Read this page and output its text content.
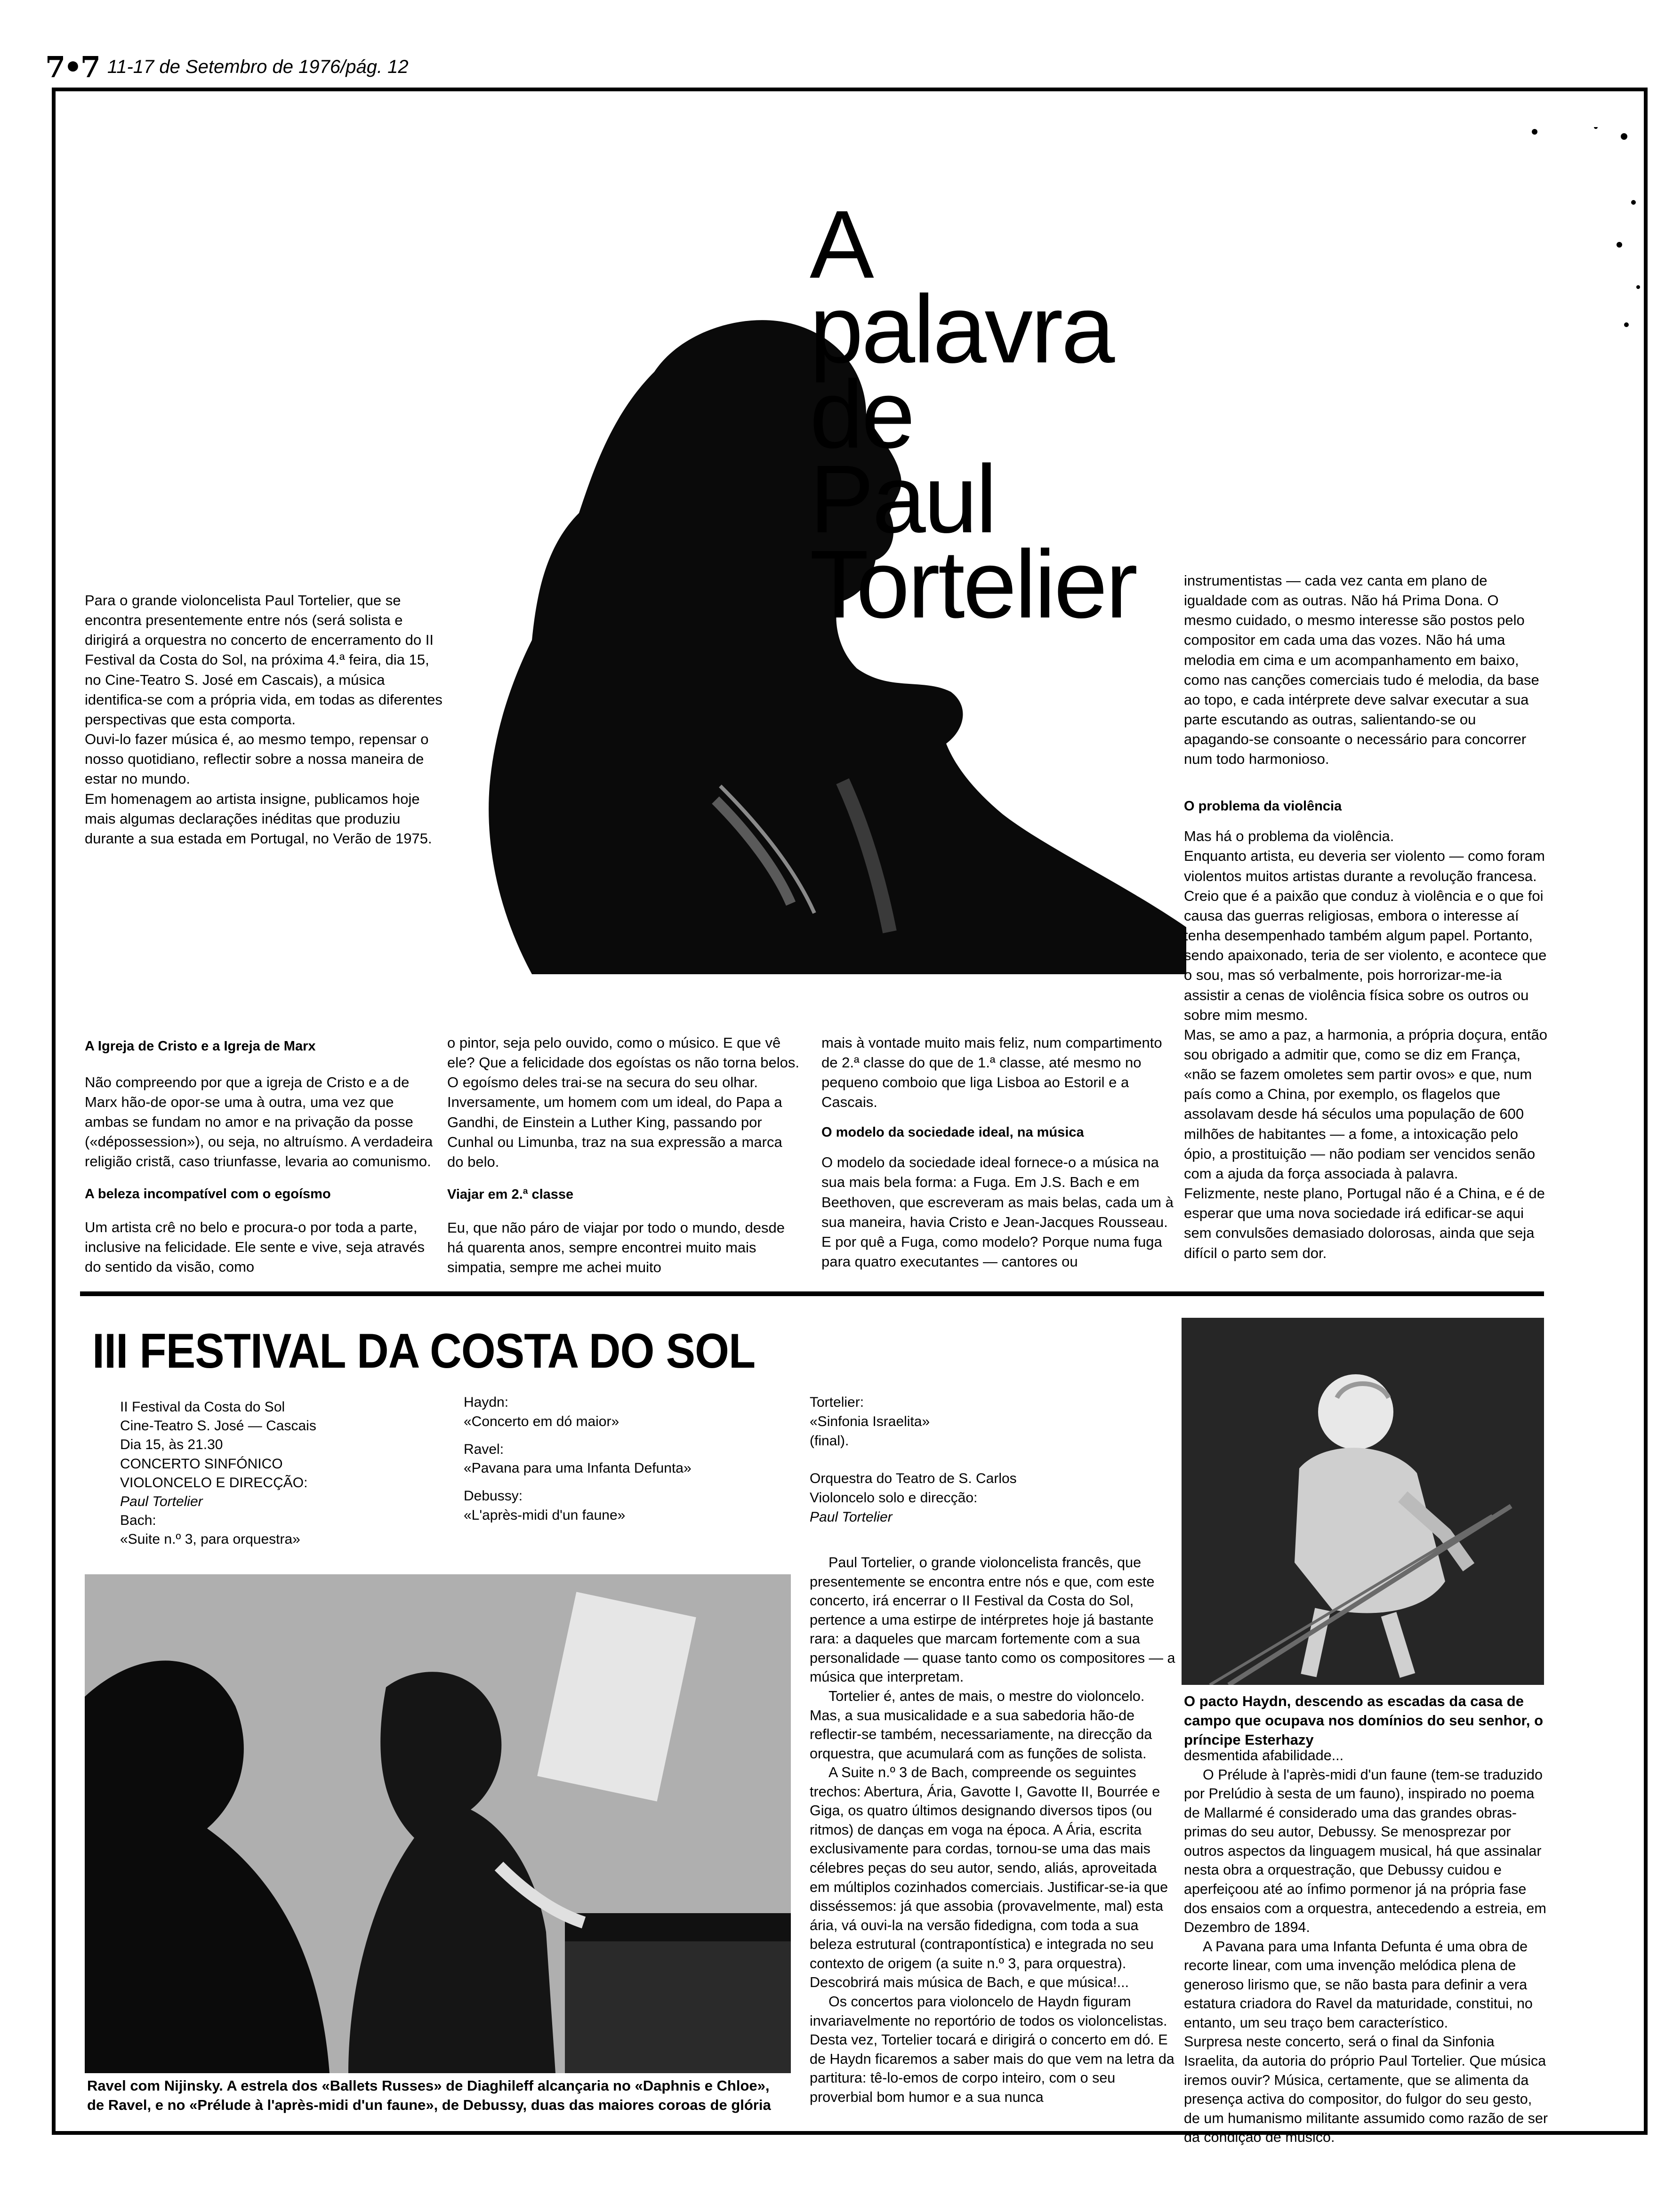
7•7 11-17 de Setembro de 1976/pág. 12
A
palavra
de
Paul
Tortelier

Para o grande violoncelista Paul Tortelier, que se encontra presentemente entre nós (será solista e dirigirá a orquestra no concerto de encerramento do II Festival da Costa do Sol, na próxima 4.ª feira, dia 15, no Cine-Teatro S. José em Cascais), a música identifica-se com a própria vida, em todas as diferentes perspectivas que esta comporta.

Ouvi-lo fazer música é, ao mesmo tempo, repensar o nosso quotidiano, reflectir sobre a nossa maneira de estar no mundo.

Em homenagem ao artista insigne, publicamos hoje mais algumas declarações inéditas que produziu durante a sua estada em Portugal, no Verão de 1975.

instrumentistas — cada vez canta em plano de igualdade com as outras. Não há Prima Dona. O mesmo cuidado, o mesmo interesse são postos pelo compositor em cada uma das vozes. Não há uma melodia em cima e um acompanhamento em baixo, como nas canções comerciais tudo é melodia, da base ao topo, e cada intérprete deve salvar executar a sua parte escutando as outras, salientando-se ou apagando-se consoante o necessário para concorrer num todo harmonioso.

O problema da violência

Mas há o problema da violência.

Enquanto artista, eu deveria ser violento — como foram violentos muitos artistas durante a revolução francesa. Creio que é a paixão que conduz à violência e o que foi causa das guerras religiosas, embora o interesse aí tenha desempenhado também algum papel. Portanto, sendo apaixonado, teria de ser violento, e acontece que o sou, mas só verbalmente, pois horrorizar-me-ia assistir a cenas de violência física sobre os outros ou sobre mim mesmo.

Mas, se amo a paz, a harmonia, a própria doçura, então sou obrigado a admitir que, como se diz em França, «não se fazem omoletes sem partir ovos» e que, num país como a China, por exemplo, os flagelos que assolavam desde há séculos uma população de 600 milhões de habitantes — a fome, a intoxicação pelo ópio, a prostituição — não podiam ser vencidos senão com a ajuda da força associada à palavra.

Felizmente, neste plano, Portugal não é a China, e é de esperar que uma nova sociedade irá edificar-se aqui sem convulsões demasiado dolorosas, ainda que seja difícil o parto sem dor.

A Igreja de Cristo e a Igreja de Marx

Não compreendo por que a igreja de Cristo e a de Marx hão-de opor-se uma à outra, uma vez que ambas se fundam no amor e na privação da posse («dépossession»), ou seja, no altruísmo. A verdadeira religião cristã, caso triunfasse, levaria ao comunismo.

A beleza incompatível com o egoísmo

Um artista crê no belo e procura-o por toda a parte, inclusive na felicidade. Ele sente e vive, seja através do sentido da visão, como

o pintor, seja pelo ouvido, como o músico. E que vê ele? Que a felicidade dos egoístas os não torna belos. O egoísmo deles trai-se na secura do seu olhar. Inversamente, um homem com um ideal, do Papa a Gandhi, de Einstein a Luther King, passando por Cunhal ou Limunba, traz na sua expressão a marca do belo.

Viajar em 2.ª classe

Eu, que não páro de viajar por todo o mundo, desde há quarenta anos, sempre encontrei muito mais simpatia, sempre me achei muito

mais à vontade muito mais feliz, num compartimento de 2.ª classe do que de 1.ª classe, até mesmo no pequeno comboio que liga Lisboa ao Estoril e a Cascais.

O modelo da sociedade ideal, na música

O modelo da sociedade ideal fornece-o a música na sua mais bela forma: a Fuga. Em J.S. Bach e em Beethoven, que escreveram as mais belas, cada um à sua maneira, havia Cristo e Jean-Jacques Rousseau. E por quê a Fuga, como modelo? Porque numa fuga para quatro executantes — cantores ou

III FESTIVAL DA COSTA DO SOL
II Festival da Costa do Sol
Cine-Teatro S. José — Cascais
Dia 15, às 21.30
CONCERTO SINFÓNICO
VIOLONCELO E DIRECÇÃO:
Paul Tortelier
Bach:
«Suite n.º 3, para orquestra»
Haydn:
«Concerto em dó maior»
Ravel:
«Pavana para uma Infanta Defunta»
Debussy:
«L'après-midi d'un faune»
Tortelier:
«Sinfonia Israelita»
(final).
Orquestra do Teatro de S. Carlos
Violoncelo solo e direcção:
Paul Tortelier
O pacto Haydn, descendo as escadas da casa de campo que ocupava nos domínios do seu senhor, o príncipe Esterhazy
Ravel com Nijinsky. A estrela dos «Ballets Russes» de Diaghileff alcançaria no «Daphnis e Chloe», de Ravel, e no «Prélude à l'après-midi d'un faune», de Debussy, duas das maiores coroas de glória

Paul Tortelier, o grande violoncelista francês, que presentemente se encontra entre nós e que, com este concerto, irá encerrar o II Festival da Costa do Sol, pertence a uma estirpe de intérpretes hoje já bastante rara: a daqueles que marcam fortemente com a sua personalidade — quase tanto como os compositores — a música que interpretam.

Tortelier é, antes de mais, o mestre do violoncelo. Mas, a sua musicalidade e a sua sabedoria hão-de reflectir-se também, necessariamente, na direcção da orquestra, que acumulará com as funções de solista.

A Suite n.º 3 de Bach, compreende os seguintes trechos: Abertura, Ária, Gavotte I, Gavotte II, Bourrée e Giga, os quatro últimos designando diversos tipos (ou ritmos) de danças em voga na época. A Ária, escrita exclusivamente para cordas, tornou-se uma das mais célebres peças do seu autor, sendo, aliás, aproveitada em múltiplos cozinhados comerciais. Justificar-se-ia que disséssemos: já que assobia (provavelmente, mal) esta ária, vá ouvi-la na versão fidedigna, com toda a sua beleza estrutural (contrapontística) e integrada no seu contexto de origem (a suite n.º 3, para orquestra). Descobrirá mais música de Bach, e que música!...

Os concertos para violoncelo de Haydn figuram invariavelmente no reportório de todos os violoncelistas. Desta vez, Tortelier tocará e dirigirá o concerto em dó. E de Haydn ficaremos a saber mais do que vem na letra da partitura: tê-lo-emos de corpo inteiro, com o seu proverbial bom humor e a sua nunca

desmentida afabilidade...

O Prélude à l'après-midi d'un faune (tem-se traduzido por Prelúdio à sesta de um fauno), inspirado no poema de Mallarmé é considerado uma das grandes obras-primas do seu autor, Debussy. Se menosprezar por outros aspectos da linguagem musical, há que assinalar nesta obra a orquestração, que Debussy cuidou e aperfeiçoou até ao ínfimo pormenor já na própria fase dos ensaios com a orquestra, antecedendo a estreia, em Dezembro de 1894.

A Pavana para uma Infanta Defunta é uma obra de recorte linear, com uma invenção melódica plena de generoso lirismo que, se não basta para definir a vera estatura criadora do Ravel da maturidade, constitui, no entanto, um seu traço bem característico.

Surpresa neste concerto, será o final da Sinfonia Israelita, da autoria do próprio Paul Tortelier. Que música iremos ouvir? Música, certamente, que se alimenta da presença activa do compositor, do fulgor do seu gesto, de um humanismo militante assumido como razão de ser da condição de músico.
